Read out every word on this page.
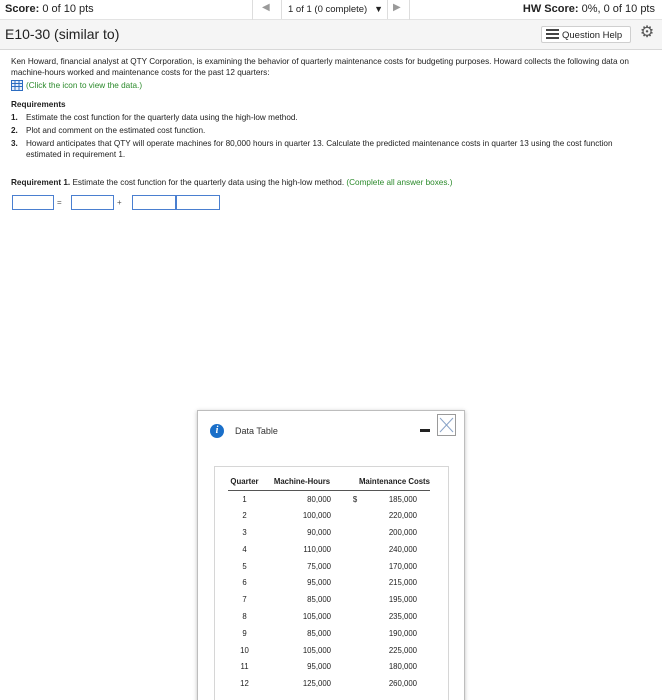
Score: 0 of 10 pts	◀	1 of 1 (0 complete) ▼ ▶	HW Score: 0%, 0 of 10 pts
E10-30 (similar to)	Question Help	⚙
Ken Howard, financial analyst at QTY Corporation, is examining the behavior of quarterly maintenance costs for budgeting purposes. Howard collects the following data on machine-hours worked and maintenance costs for the past 12 quarters:
(Click the icon to view the data.)
Requirements
1. Estimate the cost function for the quarterly data using the high-low method.
2. Plot and comment on the estimated cost function.
3. Howard anticipates that QTY will operate machines for 80,000 hours in quarter 13. Calculate the predicted maintenance costs in quarter 13 using the cost function estimated in requirement 1.
Requirement 1. Estimate the cost function for the quarterly data using the high-low method. (Complete all answer boxes.)
=	+
i	Data Table
Quarter	Machine-Hours	Maintenance Costs	
1	80,000	$	185,000
2	100,000		220,000
3	90,000		200,000
4	110,000		240,000
5	75,000		170,000
6	95,000		215,000
7	85,000		195,000
8	105,000		235,000
9	85,000		190,000
10	105,000		225,000
11	95,000		180,000
12	125,000		260,000
